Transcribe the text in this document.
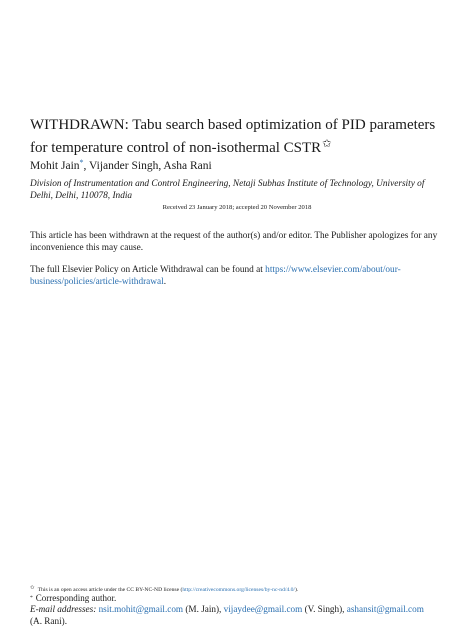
WITHDRAWN: Tabu search based optimization of PID parameters for temperature control of non-isothermal CSTR✩
Mohit Jain*, Vijander Singh, Asha Rani
Division of Instrumentation and Control Engineering, Netaji Subhas Institute of Technology, University of Delhi, Delhi, 110078, India
Received 23 January 2018; accepted 20 November 2018
This article has been withdrawn at the request of the author(s) and/or editor. The Publisher apologizes for any inconvenience this may cause.
The full Elsevier Policy on Article Withdrawal can be found at https://www.elsevier.com/about/our-business/policies/article-withdrawal.
✩ This is an open access article under the CC BY-NC-ND license (http://creativecommons.org/licenses/by-nc-nd/4.0/).
* Corresponding author.
E-mail addresses: nsit.mohit@gmail.com (M. Jain), vijaydee@gmail.com (V. Singh), ashansit@gmail.com
(A. Rani).
